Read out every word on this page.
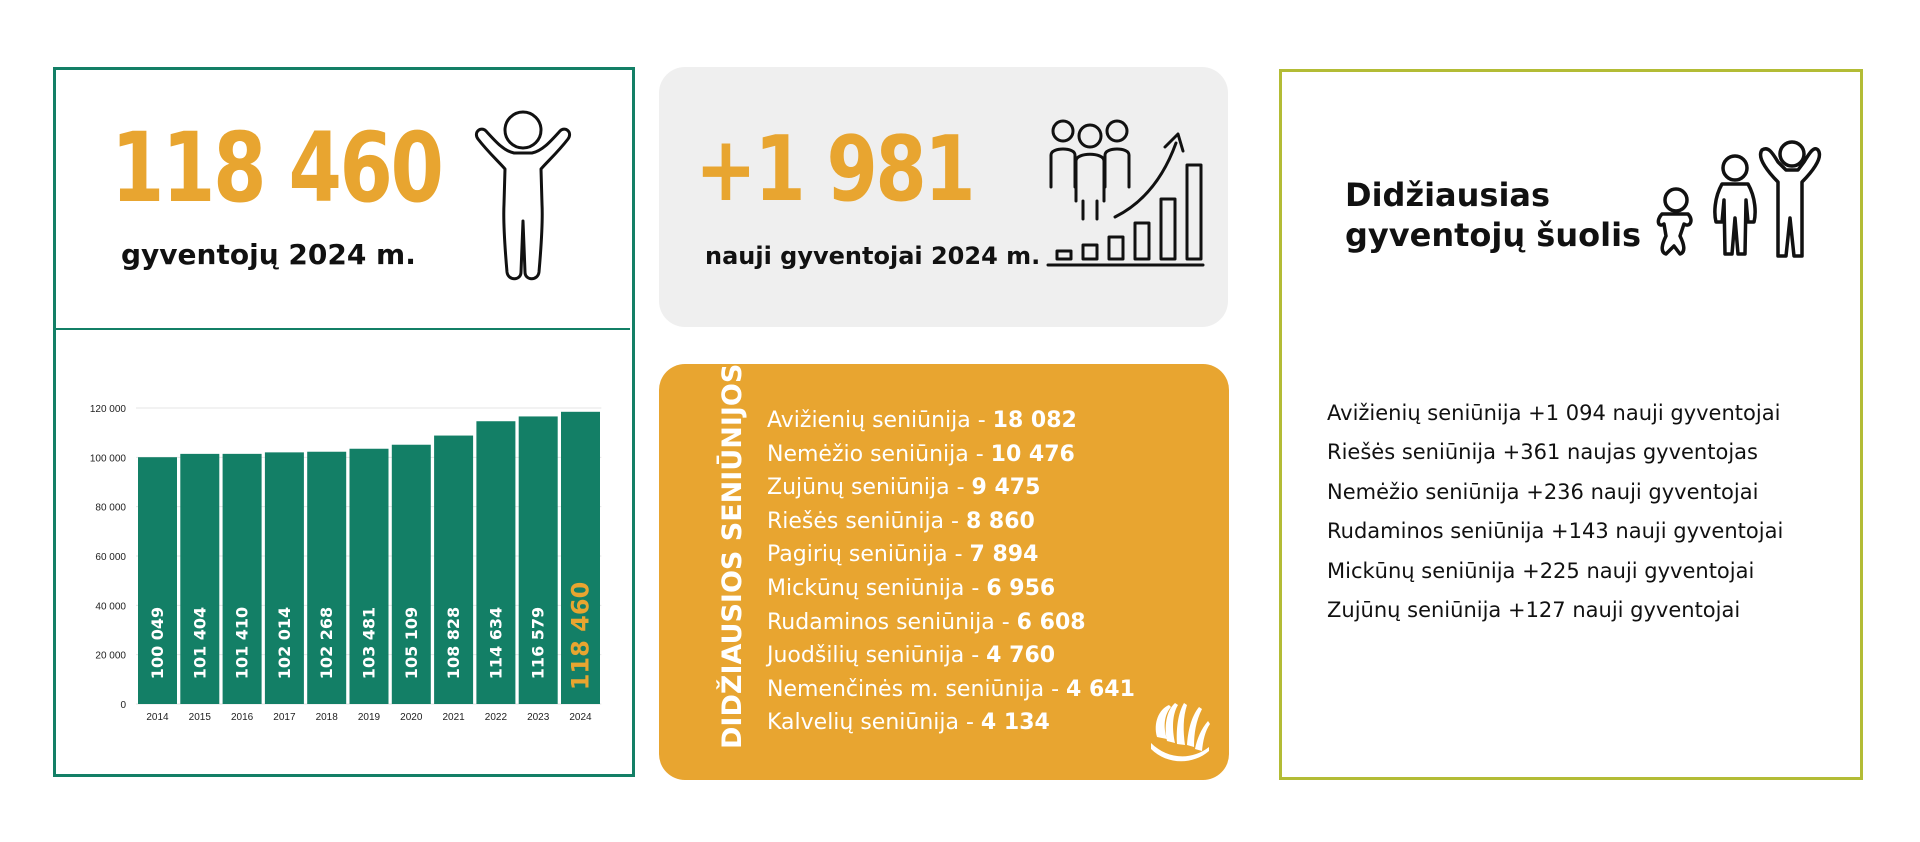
118 460
gyventojų 2024 m.
0
20 000
40 000
60 000
80 000
100 000
120 000
100 049
2014
101 404
2015
101 410
2016
102 014
2017
102 268
2018
103 481
2019
105 109
2020
108 828
2021
114 634
2022
116 579
2023
118 460
2024
+1 981
nauji gyventojai 2024 m.
DIDŽIAUSIOS SENIŪNIJOS Avižienių seniūnija - 18 082
Nemėžio seniūnija - 10 476
Zujūnų seniūnija - 9 475
Riešės seniūnija - 8 860
Pagirių seniūnija - 7 894
Mickūnų seniūnija - 6 956
Rudaminos seniūnija - 6 608
Juodšilių seniūnija - 4 760
Nemenčinės m. seniūnija - 4 641
Kalvelių seniūnija - 4 134
Didžiausias
gyventojų šuolis
Avižienių seniūnija +1 094 nauji gyventojai
Riešės seniūnija +361 naujas gyventojas
Nemėžio seniūnija +236 nauji gyventojai
Rudaminos seniūnija +143 nauji gyventojai
Mickūnų seniūnija +225 nauji gyventojai
Zujūnų seniūnija +127 nauji gyventojai
